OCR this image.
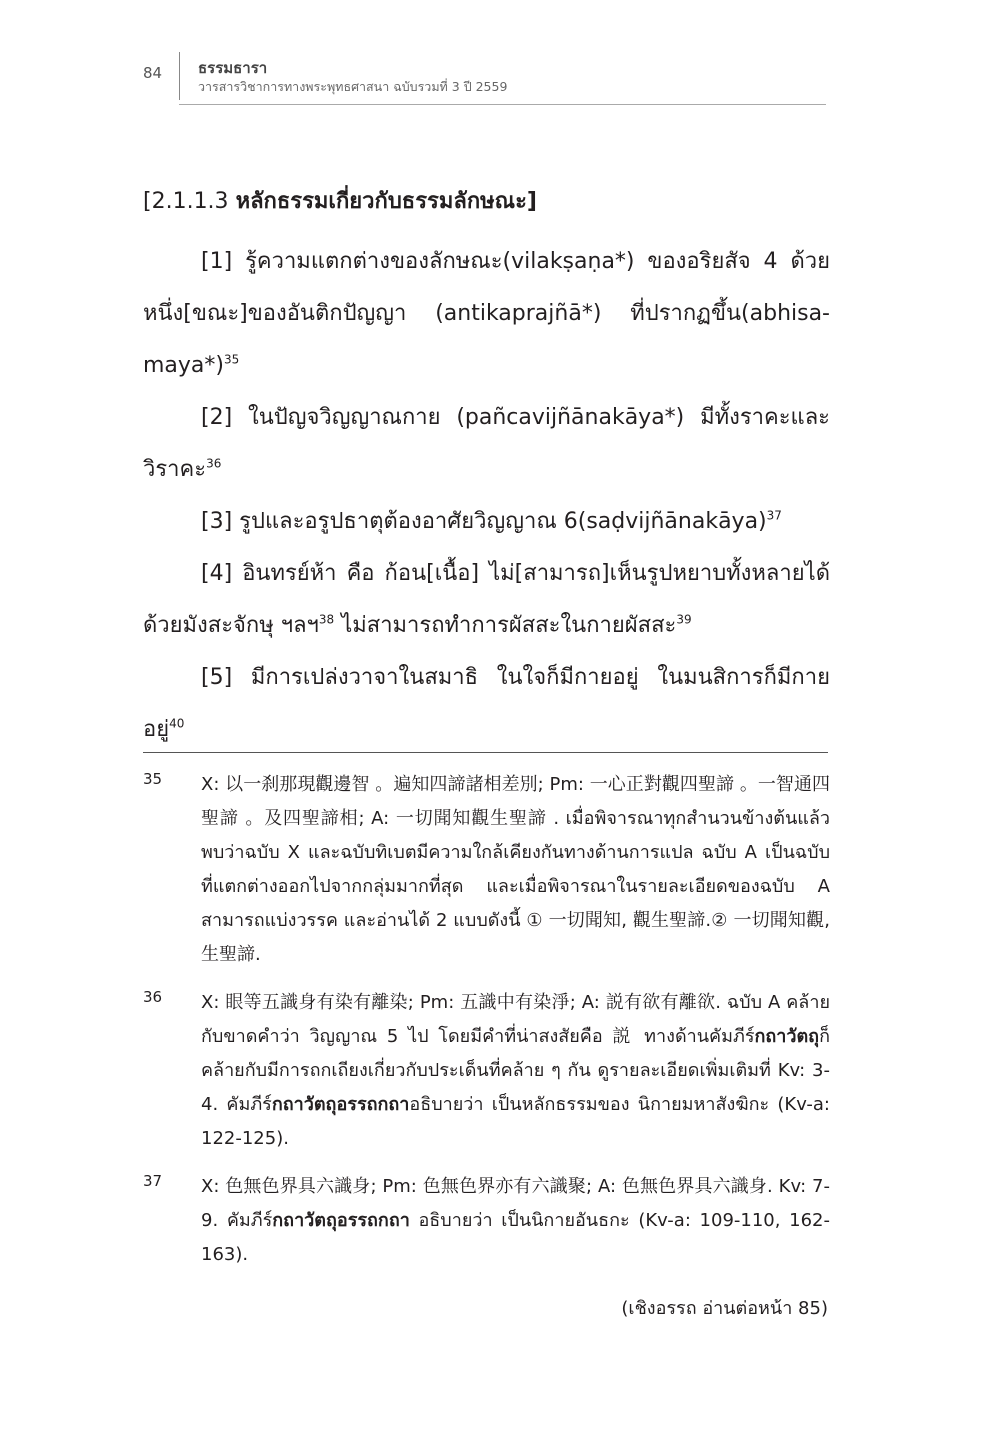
84 ธรรมธารา
วารสารวิชาการทางพระพุทธศาสนา ฉบับรวมที่ 3 ปี 2559
[2.1.1.3 หลักธรรมเกี่ยวกับธรรมลักษณะ]

[1] รู้ความแตกต่างของลักษณะ(vilakṣaṇa*) ของอริยสัจ 4 ด้วยหนึ่ง[ขณะ]ของอันติกปัญญา (antikaprajñā*) ที่ปรากฏขึ้น(abhisa-maya*)$^{35}$

[2] ในปัญจวิญญาณกาย (pañcavijñānakāya*) มีทั้งราคะและวิราคะ$^{36}$

[3] รูปและอรูปธาตุต้องอาศัยวิญญาณ 6(saḍvijñānakāya)$^{37}$

[4] อินทรย์ห้า คือ ก้อน[เนื้อ] ไม่[สามารถ]เห็นรูปหยาบทั้งหลายได้ด้วยมังสะจักษุ ฯลฯ$^{38}$ ไม่สามารถทำการผัสสะในกายผัสสะ$^{39}$

[5] มีการเปล่งวาจาในสมาธิ ในใจก็มีกายอยู่ ในมนสิการก็มีกายอยู่$^{40}$

35 X: 以一刹那現觀邊智 。遍知四諦諸相差別; Pm: 一心正對觀四聖諦 。一智通四聖諦 。及四聖諦相; A: 一切聞知觀生聖諦 . เมื่อพิจารณาทุกสำนวนข้างต้นแล้ว พบว่าฉบับ X และฉบับทิเบตมีความใกล้เคียงกันทางด้านการแปล ฉบับ A เป็นฉบับที่แตกต่างออกไปจากกลุ่มมากที่สุด และเมื่อพิจารณาในรายละเอียดของฉบับ A สามารถแบ่งวรรค และอ่านได้ 2 แบบดังนี้ ① 一切聞知, 觀生聖諦.② 一切聞知觀, 生聖諦.

36 X: 眼等五識身有染有離染; Pm: 五識中有染淨; A: 説有欲有離欲. ฉบับ A คล้ายกับขาดคำว่า วิญญาณ 5 ไป โดยมีคำที่น่าสงสัยคือ 説 ทางด้านคัมภีร์กถาวัตถุก็คล้ายกับมีการถกเถียงเกี่ยวกับประเด็นที่คล้าย ๆ กัน ดูรายละเอียดเพิ่มเติมที่ Kv: 3-4. คัมภีร์กถาวัตถุอรรถกถาอธิบายว่า เป็นหลักธรรมของ นิกายมหาสังฆิกะ (Kv-a: 122-125).

37 X: 色無色界具六識身; Pm: 色無色界亦有六識聚; A: 色無色界具六識身. Kv: 7- 9. คัมภีร์กถาวัตถุอรรถกถา อธิบายว่า เป็นนิกายอันธกะ (Kv-a: 109-110, 162-163).

(เชิงอรรถ อ่านต่อหน้า 85)
